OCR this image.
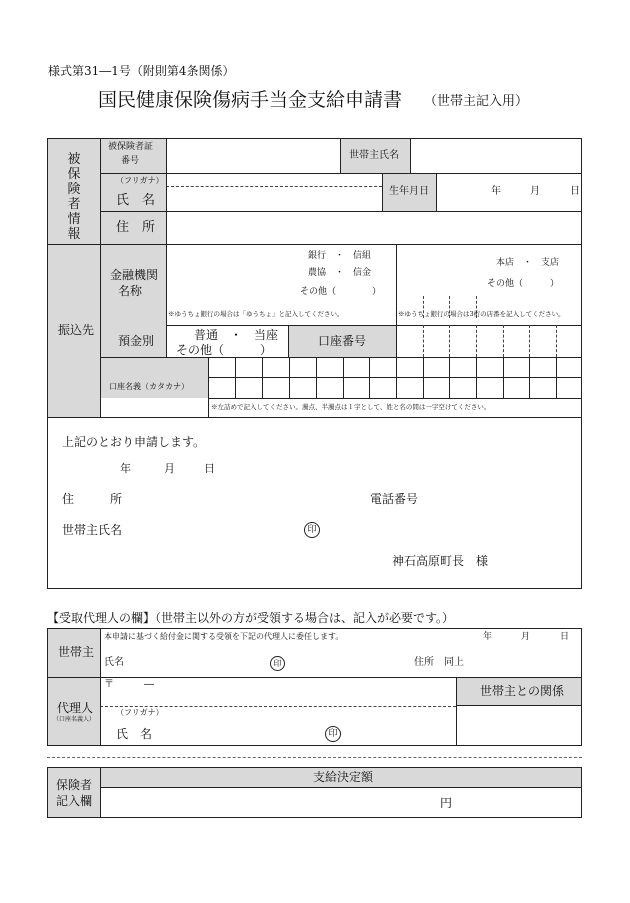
様式第31―1号（附則第4条関係）
国民健康保険傷病手当金支給申請書 （世帯主記入用）
被
保
険
者
情
報
被保険者証
番号	世帯主氏名
（フリガナ）
氏　名
生年月日	年	月	日
住　所
振込先
金融機関
名称
銀行　・　信組
農協　・　信金
その他（　　　　）
※ゆうちょ銀行の場合は「ゆうちょ」と記入してください。
本店　・　支店
その他（　　　）
※ゆうちょ銀行の場合は3桁の店番を記入してください。
預金別	普通　・　当座
その他（　　　）
口座番号
口座名義（カタカナ）
※左詰めで記入してください。濁点、半濁点は１字として、姓と名の間は一字空けてください。
上記のとおり申請します。
年	月	日
住　　　所	電話番号
世帯主氏名	印
神石高原町長　様
【受取代理人の欄】（世帯主以外の方が受領する場合は、記入が必要です。）
世帯主
本申請に基づく給付金に関する受領を下記の代理人に委任します。	年	月	日
氏名	印	住所　同上
代理人
（口座名義人）
〒　　　―	世帯主との関係
（フリガナ）
氏　名	印
保険者
記入欄
支給決定額
円
